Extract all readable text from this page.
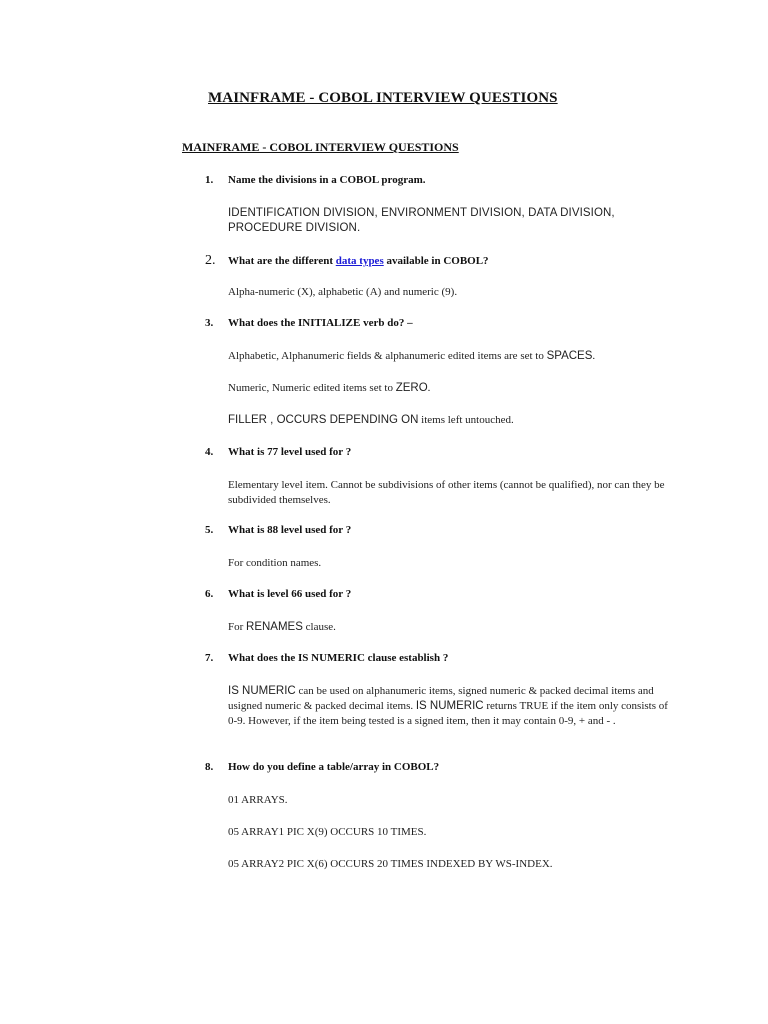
MAINFRAME - COBOL INTERVIEW QUESTIONS
MAINFRAME - COBOL INTERVIEW QUESTIONS
1. Name the divisions in a COBOL program.
IDENTIFICATION DIVISION, ENVIRONMENT DIVISION, DATA DIVISION, PROCEDURE DIVISION.
2. What are the different data types available in COBOL?
Alpha-numeric (X), alphabetic (A) and numeric (9).
3. What does the INITIALIZE verb do? –
Alphabetic, Alphanumeric fields & alphanumeric edited items are set to SPACES.
Numeric, Numeric edited items set to ZERO.
FILLER , OCCURS DEPENDING ON items left untouched.
4. What is 77 level used for ?
Elementary level item. Cannot be subdivisions of other items (cannot be qualified), nor can they be subdivided themselves.
5. What is 88 level used for ?
For condition names.
6. What is level 66 used for ?
For RENAMES clause.
7. What does the IS NUMERIC clause establish ?
IS NUMERIC can be used on alphanumeric items, signed numeric & packed decimal items and usigned numeric & packed decimal items. IS NUMERIC returns TRUE if the item only consists of 0-9. However, if the item being tested is a signed item, then it may contain 0-9, + and - .
8. How do you define a table/array in COBOL?
01 ARRAYS.
05 ARRAY1 PIC X(9) OCCURS 10 TIMES.
05 ARRAY2 PIC X(6) OCCURS 20 TIMES INDEXED BY WS-INDEX.
